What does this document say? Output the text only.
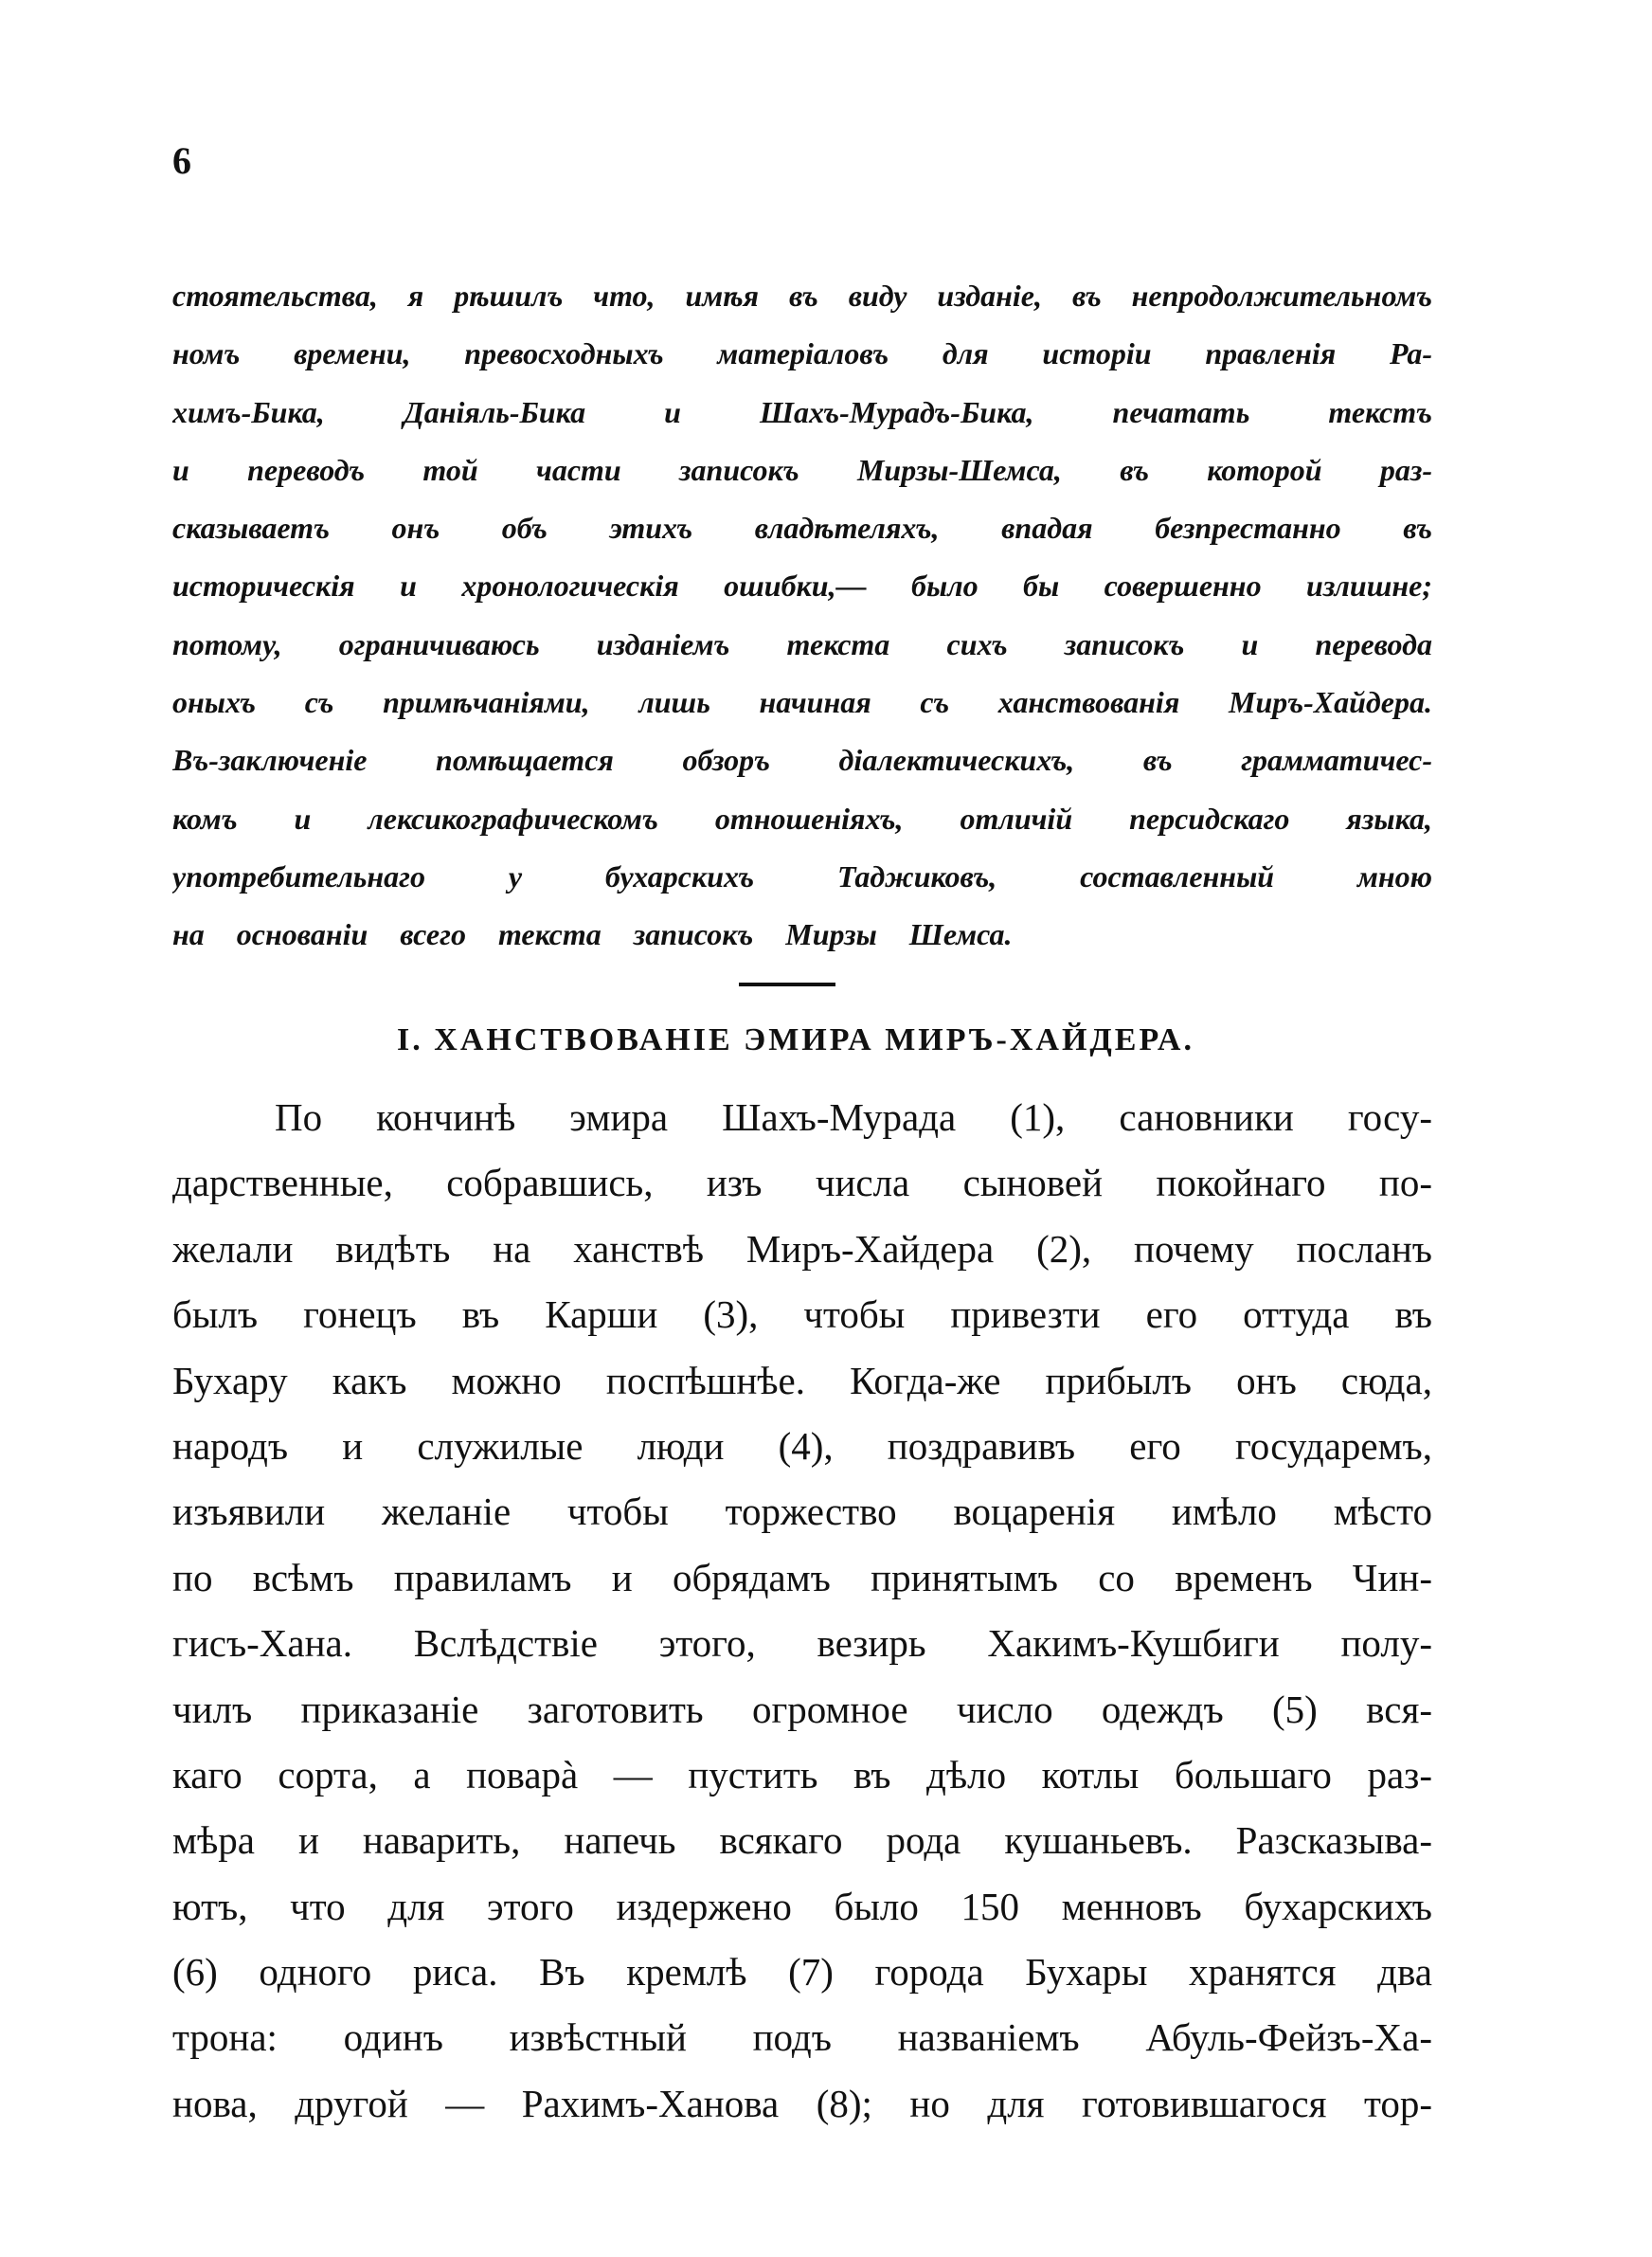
6
стоятельства, я рѣшилъ что, имѣя въ виду изданіе, въ непродолжительномъ
номъ времени, превосходныхъ матеріаловъ для исторіи правленія Ра-
химъ-Бика, Даніяль-Бика и Шахъ-Мурадъ-Бика, печатать текстъ
и переводъ той части записокъ Мирзы-Шемса, въ которой раз-
сказываетъ онъ объ этихъ владѣтеляхъ, впадая безпрестанно въ
историческія и хронологическія ошибки,— было бы совершенно излишне;
потому, ограничиваюсь изданіемъ текста сихъ записокъ и перевода
оныхъ съ примѣчаніями, лишь начиная съ ханствованія Миръ-Хайдера.
Въ-заключеніе помѣщается обзоръ діалектическихъ, въ грамматичес-
комъ и лексикографическомъ отношеніяхъ, отличій персидскаго языка,
употребительнаго у бухарскихъ Таджиковъ, составленный мною
на основаніи всего текста записокъ Мирзы Шемса.
I. ХАНСТВОВАНІЕ ЭМИРА МИРЪ-ХАЙДЕРА.
По кончинѣ эмира Шахъ-Мурада (1), сановники госу-
дарственные, собравшись, изъ числа сыновей покойнаго по-
желали видѣть на ханствѣ Миръ-Хайдера (2), почему посланъ
былъ гонецъ въ Карши (3), чтобы привезти его оттуда въ
Бухару какъ можно поспѣшнѣе. Когда-же прибылъ онъ сюда,
народъ и служилые люди (4), поздравивъ его государемъ,
изъявили желаніе чтобы торжество воцаренія имѣло мѣсто
по всѣмъ правиламъ и обрядамъ принятымъ со временъ Чин-
гисъ-Хана. Вслѣдствіе этого, везирь Хакимъ-Кушбиги полу-
чилъ приказаніе заготовить огромное число одеждъ (5) вся-
каго сорта, а поварà — пустить въ дѣло котлы большаго раз-
мѣра и наварить, напечь всякаго рода кушаньевъ. Разсказыва-
ютъ, что для этого издержено было 150 менновъ бухарскихъ
(6) одного риса. Въ кремлѣ (7) города Бухары хранятся два
трона: одинъ извѣстный подъ названіемъ Абуль-Фейзъ-Ха-
нова, другой — Рахимъ-Ханова (8); но для готовившагося тор-
